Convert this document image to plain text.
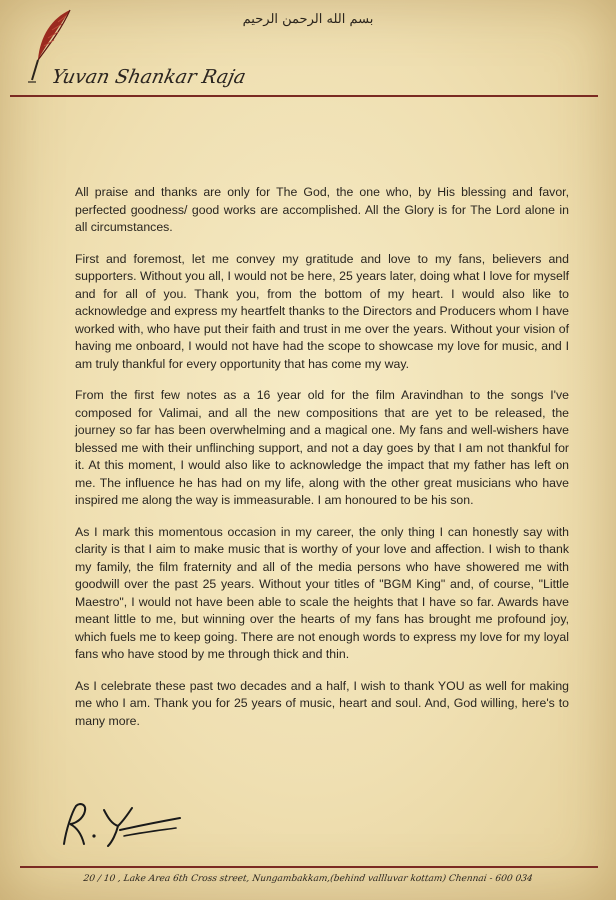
بسم الله الرحمن الرحيم
Yuvan Shankar Raja

All praise and thanks are only for The God, the one who, by His blessing and favor, perfected goodness/ good works are accomplished. All the Glory is for The Lord alone in all circumstances.

First and foremost, let me convey my gratitude and love to my fans, believers and supporters. Without you all, I would not be here, 25 years later, doing what I love for myself and for all of you. Thank you, from the bottom of my heart. I would also like to acknowledge and express my heartfelt thanks to the Directors and Producers whom I have worked with, who have put their faith and trust in me over the years. Without your vision of having me onboard, I would not have had the scope to showcase my love for music, and I am truly thankful for every opportunity that has come my way.

From the first few notes as a 16 year old for the film Aravindhan to the songs I've composed for Valimai, and all the new compositions that are yet to be released, the journey so far has been overwhelming and a magical one. My fans and well-wishers have blessed me with their unflinching support, and not a day goes by that I am not thankful for it. At this moment, I would also like to acknowledge the impact that my father has left on me. The influence he has had on my life, along with the other great musicians who have inspired me along the way is immeasurable. I am honoured to be his son.

As I mark this momentous occasion in my career, the only thing I can honestly say with clarity is that I aim to make music that is worthy of your love and affection. I wish to thank my family, the film fraternity and all of the media persons who have showered me with goodwill over the past 25 years. Without your titles of "BGM King" and, of course, "Little Maestro", I would not have been able to scale the heights that I have so far. Awards have meant little to me, but winning over the hearts of my fans has brought me profound joy, which fuels me to keep going. There are not enough words to express my love for my loyal fans who have stood by me through thick and thin.

As I celebrate these past two decades and a half, I wish to thank YOU as well for making me who I am. Thank you for 25 years of music, heart and soul. And, God willing, here's to many more.

20 / 10 , Lake Area 6th Cross street, Nungambakkam,(behind vallluvar kottam) Chennai - 600 034
